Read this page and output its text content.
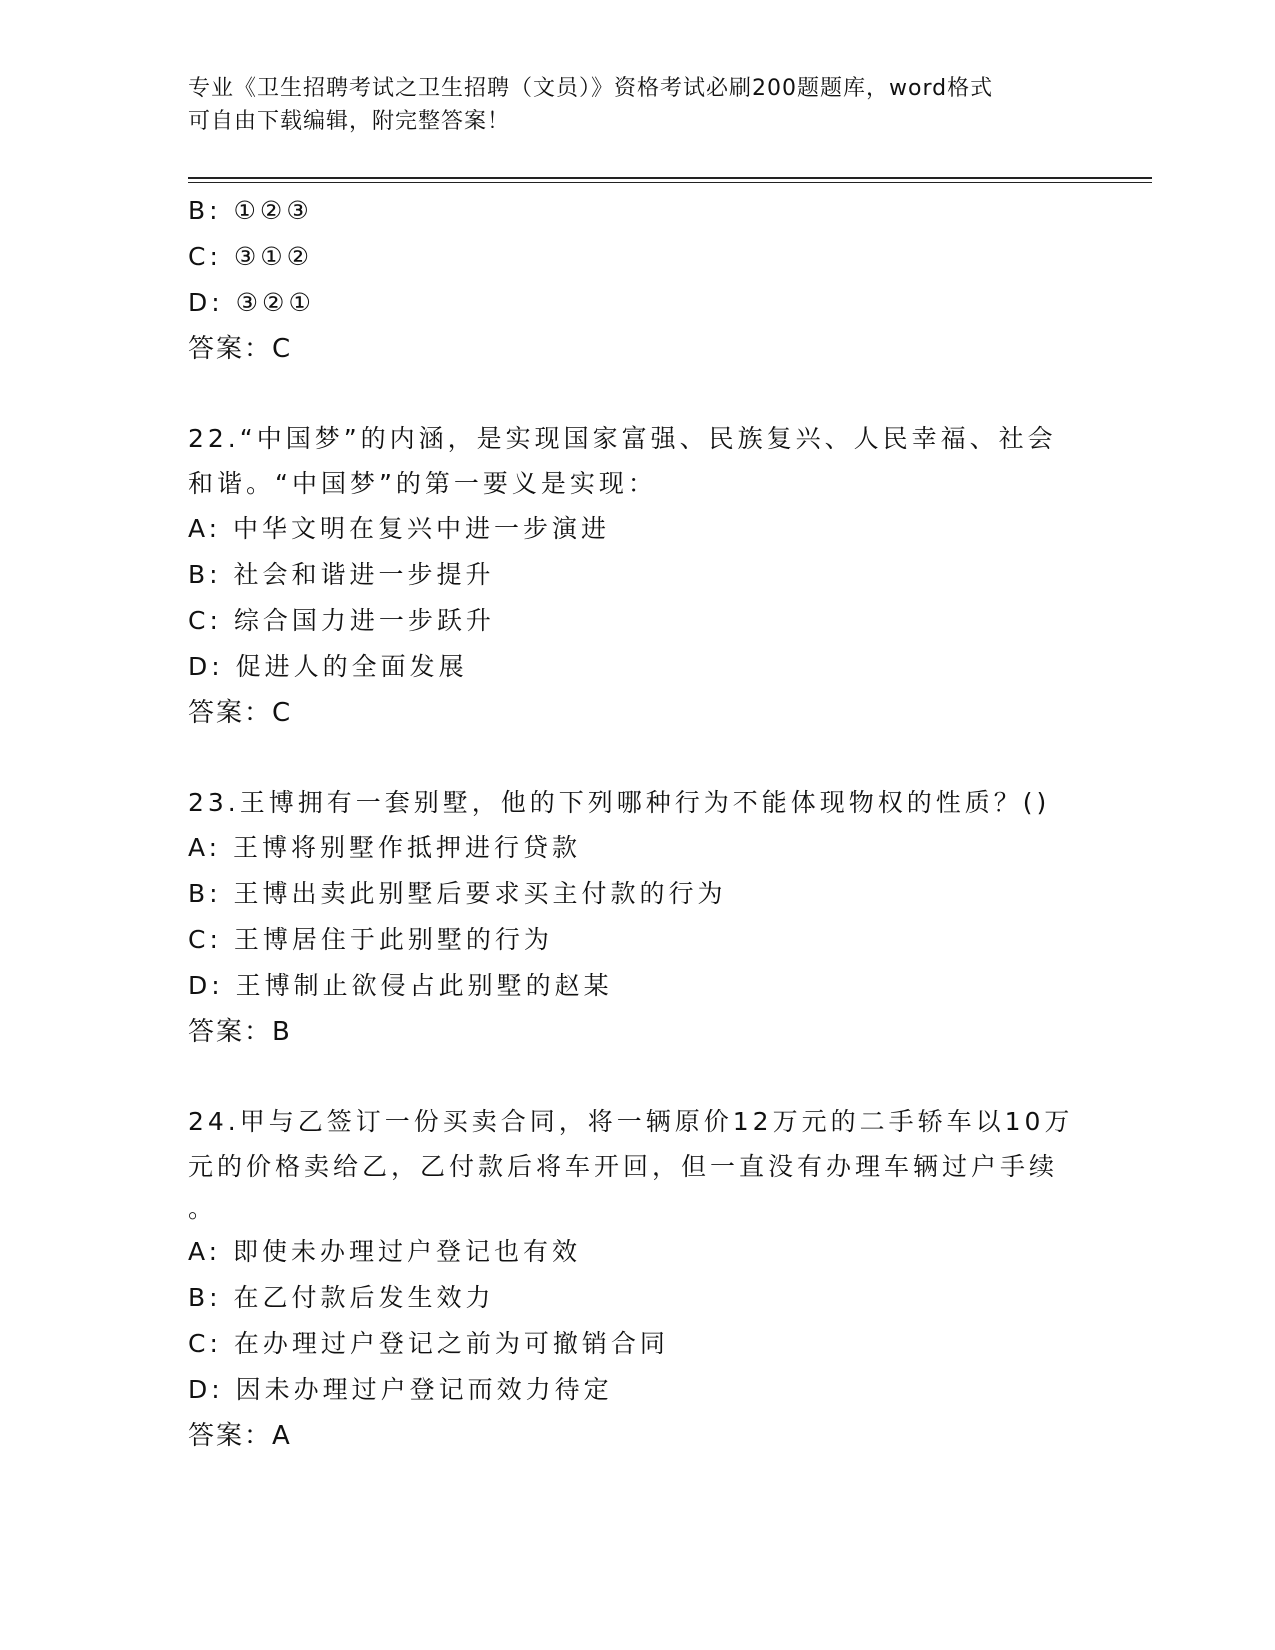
专业《卫生招聘考试之卫生招聘（文员）》资格考试必刷200题题库，word格式
可自由下载编辑，附完整答案！
B: ①②③
C: ③①②
D: ③②①
答案：C
22.“中国梦”的内涵，是实现国家富强、民族复兴、人民幸福、社会
和谐。“中国梦”的第一要义是实现：
A: 中华文明在复兴中进一步演进
B: 社会和谐进一步提升
C: 综合国力进一步跃升
D: 促进人的全面发展
答案：C
23.王博拥有一套别墅，他的下列哪种行为不能体现物权的性质？()
A: 王博将别墅作抵押进行贷款
B: 王博出卖此别墅后要求买主付款的行为
C: 王博居住于此别墅的行为
D: 王博制止欲侵占此别墅的赵某
答案：B
24.甲与乙签订一份买卖合同，将一辆原价12万元的二手轿车以10万
元的价格卖给乙，乙付款后将车开回，但一直没有办理车辆过户手续
。
A: 即使未办理过户登记也有效
B: 在乙付款后发生效力
C: 在办理过户登记之前为可撤销合同
D: 因未办理过户登记而效力待定
答案：A
